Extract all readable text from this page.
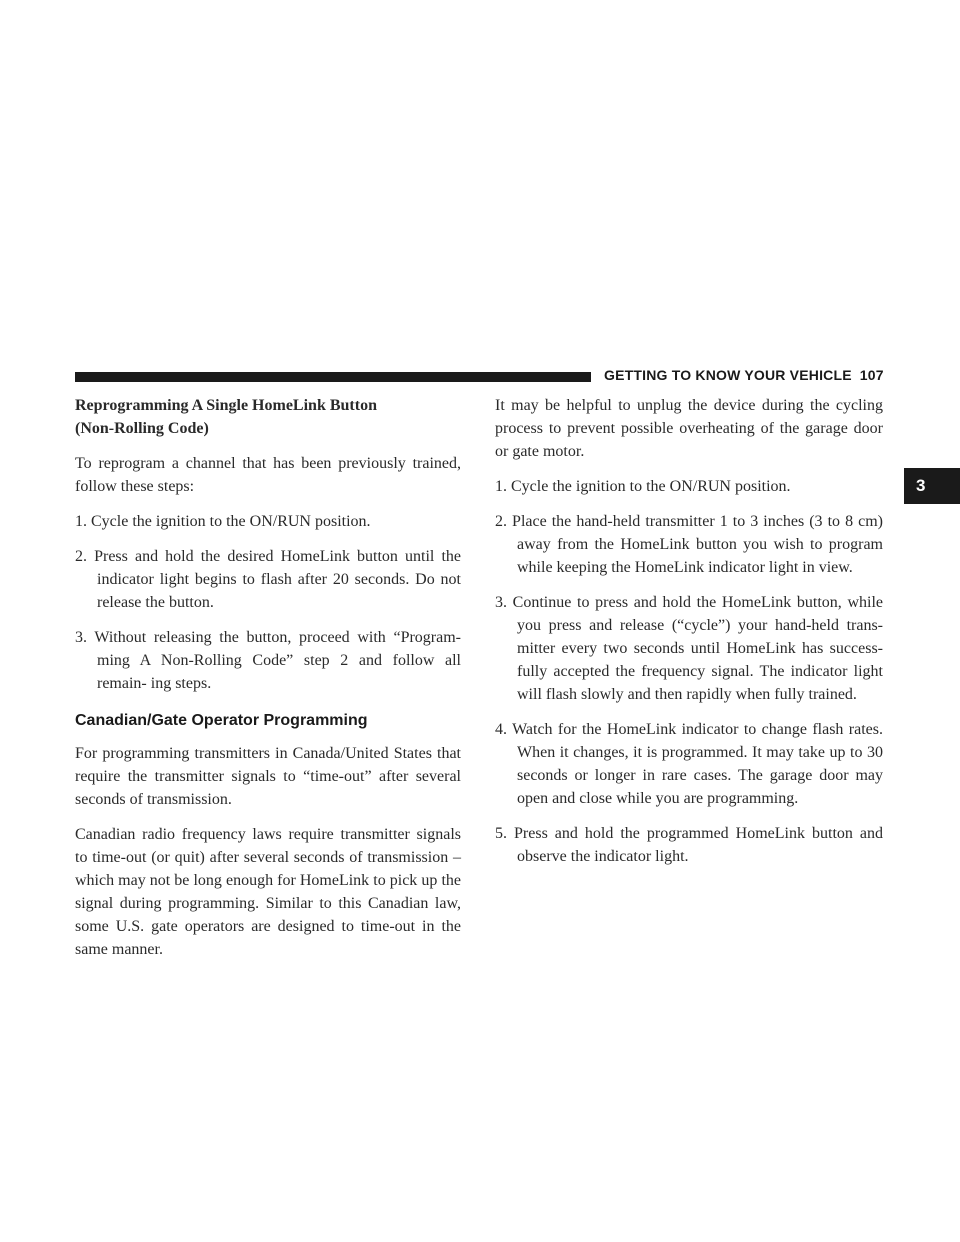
GETTING TO KNOW YOUR VEHICLE 107
3

Reprogramming A Single HomeLink Button
(Non-Rolling Code)

To reprogram a channel that has been previously trained, follow these steps:

1. Cycle the ignition to the ON/RUN position.

2. Press and hold the desired HomeLink button until the indicator light begins to flash after 20 seconds. Do not release the button.

3. Without releasing the button, proceed with “Program- ming A Non-Rolling Code” step 2 and follow all remain- ing steps.

Canadian/Gate Operator Programming

For programming transmitters in Canada/United States that require the transmitter signals to “time-out” after several seconds of transmission.

Canadian radio frequency laws require transmitter signals to time-out (or quit) after several seconds of transmission – which may not be long enough for HomeLink to pick up the signal during programming. Similar to this Canadian law, some U.S. gate operators are designed to time-out in the same manner.

It may be helpful to unplug the device during the cycling process to prevent possible overheating of the garage door or gate motor.

1. Cycle the ignition to the ON/RUN position.

2. Place the hand-held transmitter 1 to 3 inches (3 to 8 cm) away from the HomeLink button you wish to program while keeping the HomeLink indicator light in view.

3. Continue to press and hold the HomeLink button, while you press and release (“cycle”) your hand-held trans- mitter every two seconds until HomeLink has success- fully accepted the frequency signal. The indicator light will flash slowly and then rapidly when fully trained.

4. Watch for the HomeLink indicator to change flash rates. When it changes, it is programmed. It may take up to 30 seconds or longer in rare cases. The garage door may open and close while you are programming.

5. Press and hold the programmed HomeLink button and observe the indicator light.
